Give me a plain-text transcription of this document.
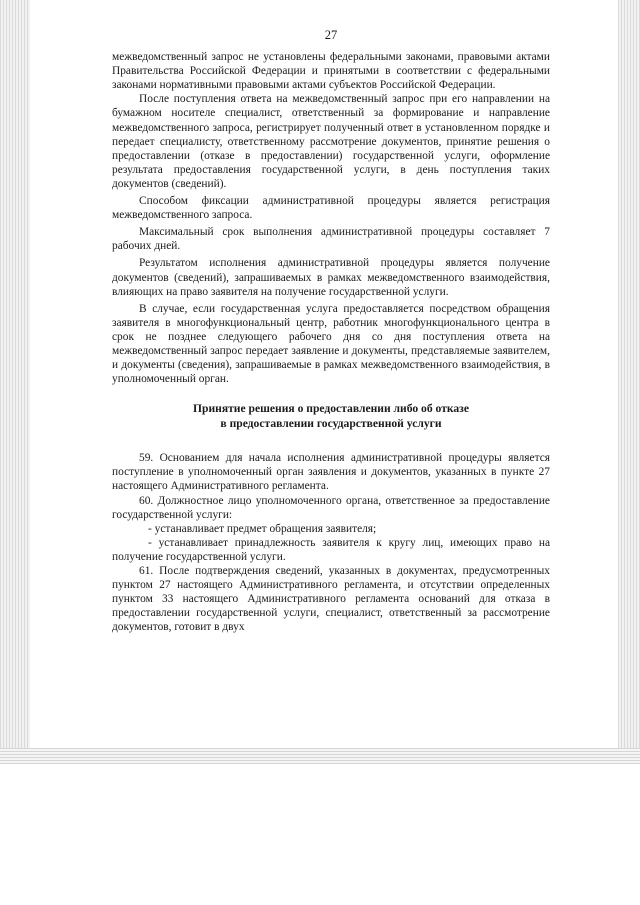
27

межведомственный запрос не установлены федеральными законами, правовыми актами Правительства Российской Федерации и принятыми в соответствии с федеральными законами нормативными правовыми актами субъектов Российской Федерации.

После поступления ответа на межведомственный запрос при его направлении на бумажном носителе специалист, ответственный за формирование и направление межведомственного запроса, регистрирует полученный ответ в установленном порядке и передает специалисту, ответственному рассмотрение документов, принятие решения о предоставлении (отказе в предоставлении) государственной услуги, оформление результата предоставления государственной услуги, в день поступления таких документов (сведений).

Способом фиксации административной процедуры является регистрация межведомственного запроса.

Максимальный срок выполнения административной процедуры составляет 7 рабочих дней.

Результатом исполнения административной процедуры является получение документов (сведений), запрашиваемых в рамках межведомственного взаимодействия, влияющих на право заявителя на получение государственной услуги.

В случае, если государственная услуга предоставляется посредством обращения заявителя в многофункциональный центр, работник многофункционального центра в срок не позднее следующего рабочего дня со дня поступления ответа на межведомственный запрос передает заявление и документы, представляемые заявителем, и документы (сведения), запрашиваемые в рамках межведомственного взаимодействия, в уполномоченный орган.

Принятие решения о предоставлении либо об отказе
в предоставлении государственной услуги

59. Основанием для начала исполнения административной процедуры является поступление в уполномоченный орган заявления и документов, указанных в пункте 27 настоящего Административного регламента.

60. Должностное лицо уполномоченного органа, ответственное за предоставление государственной услуги:

- устанавливает предмет обращения заявителя;

- устанавливает принадлежность заявителя к кругу лиц, имеющих право на получение государственной услуги.

61. После подтверждения сведений, указанных в документах, предусмотренных пунктом 27 настоящего Административного регламента, и отсутствии определенных пунктом 33 настоящего Административного регламента оснований для отказа в предоставлении государственной услуги, специалист, ответственный за рассмотрение документов, готовит в двух
